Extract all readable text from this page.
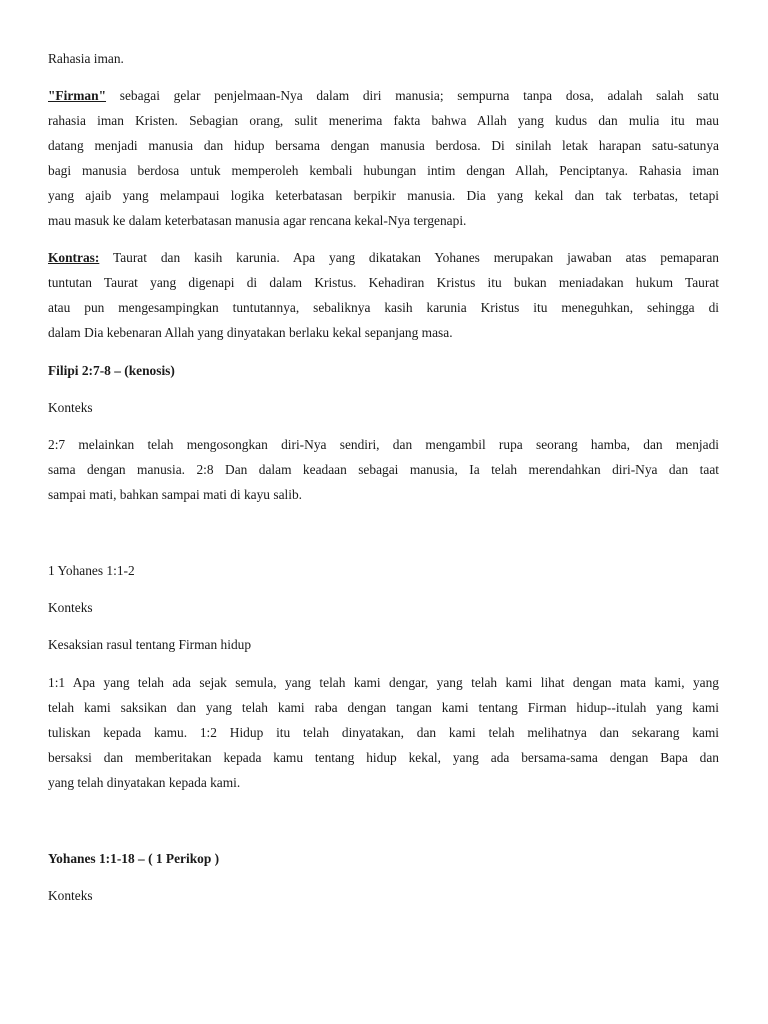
Rahasia iman.
"Firman" sebagai gelar penjelmaan-Nya dalam diri manusia; sempurna tanpa dosa, adalah salah satu
rahasia iman Kristen. Sebagian orang, sulit menerima fakta bahwa Allah yang kudus dan mulia itu mau
datang menjadi manusia dan hidup bersama dengan manusia berdosa. Di sinilah letak harapan satu-satunya
bagi manusia berdosa untuk memperoleh kembali hubungan intim dengan Allah, Penciptanya. Rahasia iman
yang ajaib yang melampaui logika keterbatasan berpikir manusia. Dia yang kekal dan tak terbatas, tetapi
mau masuk ke dalam keterbatasan manusia agar rencana kekal-Nya tergenapi.
Kontras: Taurat dan kasih karunia. Apa yang dikatakan Yohanes merupakan jawaban atas pemaparan
tuntutan Taurat yang digenapi di dalam Kristus. Kehadiran Kristus itu bukan meniadakan hukum Taurat
atau pun mengesampingkan tuntutannya, sebaliknya kasih karunia Kristus itu meneguhkan, sehingga di
dalam Dia kebenaran Allah yang dinyatakan berlaku kekal sepanjang masa.
Filipi 2:7-8 – (kenosis)
Konteks
2:7 melainkan telah mengosongkan diri-Nya sendiri, dan mengambil rupa seorang hamba, dan menjadi
sama dengan manusia. 2:8 Dan dalam keadaan sebagai manusia, Ia telah merendahkan diri-Nya dan taat
sampai mati, bahkan sampai mati di kayu salib.
1 Yohanes 1:1-2
Konteks
Kesaksian rasul tentang Firman hidup
1:1 Apa yang telah ada sejak semula, yang telah kami dengar, yang telah kami lihat dengan mata kami, yang
telah kami saksikan dan yang telah kami raba dengan tangan kami tentang Firman hidup--itulah yang kami
tuliskan kepada kamu. 1:2 Hidup itu telah dinyatakan, dan kami telah melihatnya dan sekarang kami
bersaksi dan memberitakan kepada kamu tentang hidup kekal, yang ada bersama-sama dengan Bapa dan
yang telah dinyatakan kepada kami.
Yohanes 1:1-18 – ( 1 Perikop )
Konteks
